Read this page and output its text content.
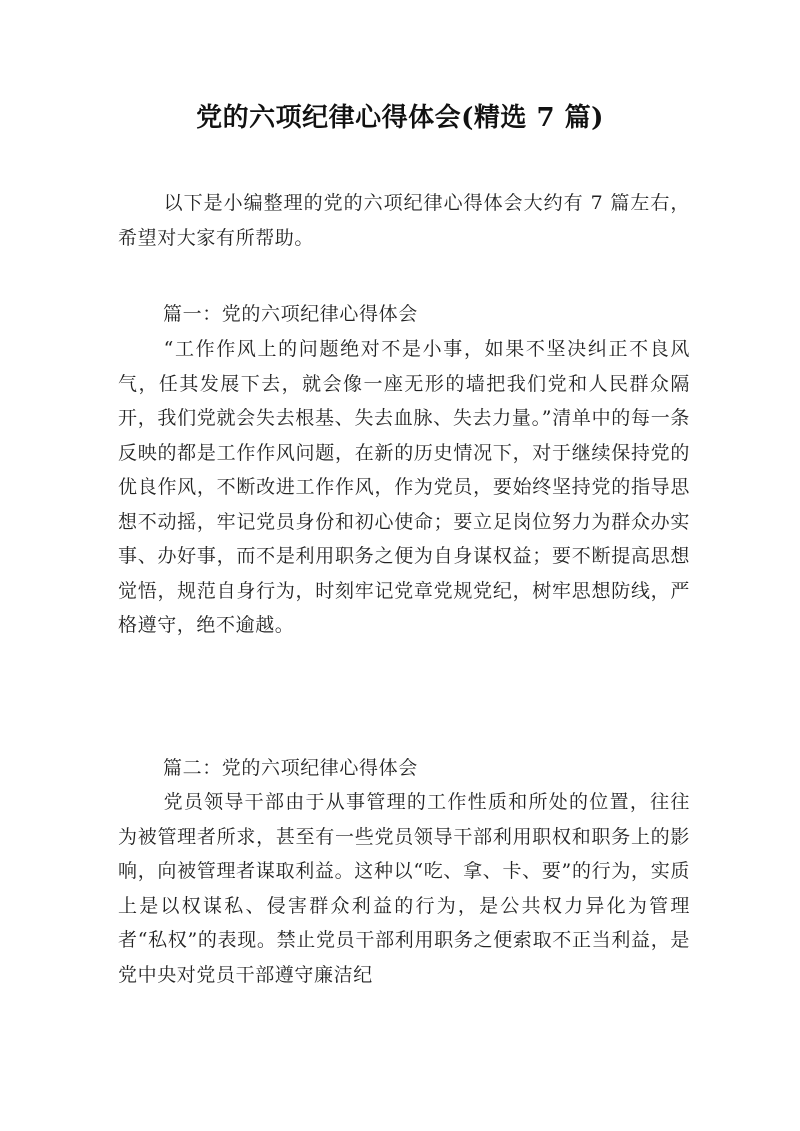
党的六项纪律心得体会(精选 7 篇)

以下是小编整理的党的六项纪律心得体会大约有 7 篇左右，希望对大家有所帮助。

篇一：党的六项纪律心得体会

“工作作风上的问题绝对不是小事，如果不坚决纠正不良风气，任其发展下去，就会像一座无形的墙把我们党和人民群众隔开，我们党就会失去根基、失去血脉、失去力量。”清单中的每一条反映的都是工作作风问题，在新的历史情况下，对于继续保持党的优良作风，不断改进工作作风，作为党员，要始终坚持党的指导思想不动摇，牢记党员身份和初心使命；要立足岗位努力为群众办实事、办好事，而不是利用职务之便为自身谋权益；要不断提高思想觉悟，规范自身行为，时刻牢记党章党规党纪，树牢思想防线，严格遵守，绝不逾越。

篇二：党的六项纪律心得体会

党员领导干部由于从事管理的工作性质和所处的位置，往往为被管理者所求，甚至有一些党员领导干部利用职权和职务上的影响，向被管理者谋取利益。这种以“吃、拿、卡、要”的行为，实质上是以权谋私、侵害群众利益的行为，是公共权力异化为管理者“私权”的表现。禁止党员干部利用职务之便索取不正当利益，是党中央对党员干部遵守廉洁纪
